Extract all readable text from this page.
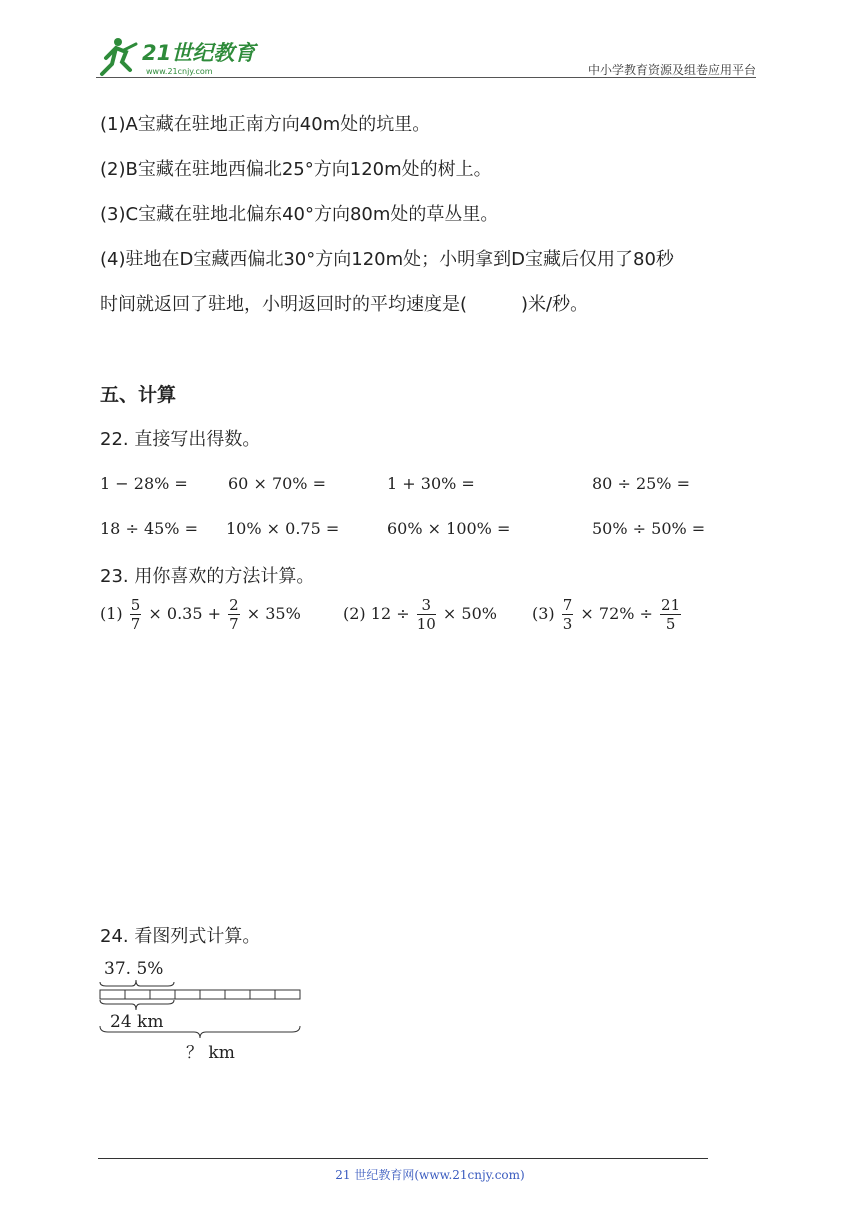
21世纪教育
www.21cnjy.com	中小学教育资源及组卷应用平台
(1)A宝藏在驻地正南方向40m处的坑里。
(2)B宝藏在驻地西偏北25°方向120m处的树上。
(3)C宝藏在驻地北偏东40°方向80m处的草丛里。
(4)驻地在D宝藏西偏北30°方向120m处；小明拿到D宝藏后仅用了80秒
时间就返回了驻地，小明返回时的平均速度是(　　　)米/秒。
五、计算
22. 直接写出得数。
1 − 28% =	60 × 70% =	1 + 30% =	80 ÷ 25% =
18 ÷ 45% = 10% × 0.75 =	60% × 100% =	50% ÷ 50% =
23. 用你喜欢的方法计算。
$(1) \frac{5}{7} \times 0.35 + \frac{2}{7} \times 35\%$	(2) $12 \div \frac{3}{10} \times 50\%$ $(3) \frac{7}{3} \times 72\% \div \frac{21}{5}$
24. 看图列式计算。
37. 5%
24 km
？ km
21 世纪教育网(www.21cnjy.com)
